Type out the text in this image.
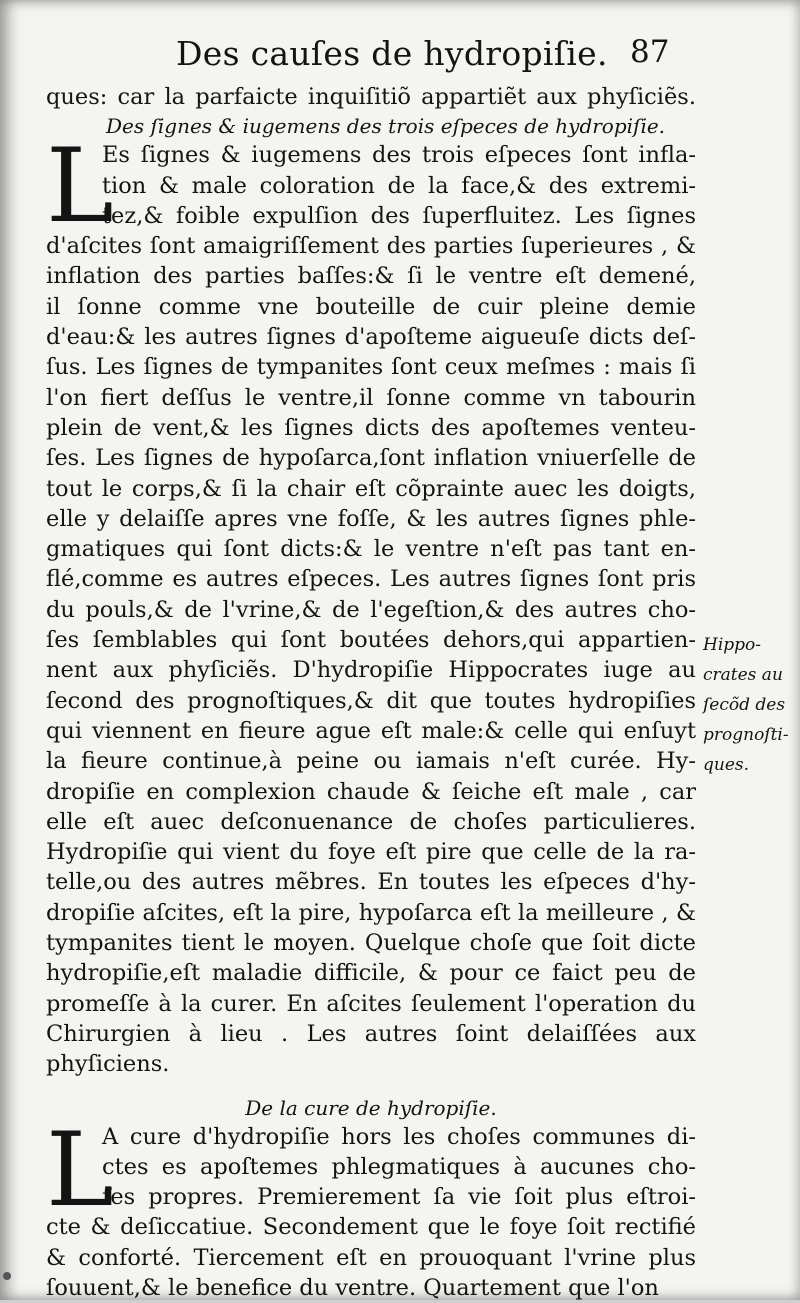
Des cauſes de hydropiſie. 87
ques: car la parfaicte inquiſitiõ appartiẽt aux phyſiciẽs.
Des ſignes & iugemens des trois eſpeces de hydropiſie.
L
Es ſignes & iugemens des trois eſpeces ſont infla-
tion & male coloration de la face,& des extremi-
tez,& foible expulſion des ſuperfluitez. Les ſignes
d'aſcites ſont amaigriſſement des parties ſuperieures , &
inflation des parties baſſes:& ſi le ventre eſt demené,
il ſonne comme vne bouteille de cuir pleine demie
d'eau:& les autres ſignes d'apoſteme aigueuſe dicts deſ-
ſus. Les ſignes de tympanites ſont ceux meſmes : mais ſi
l'on fiert deſſus le ventre,il ſonne comme vn tabourin
plein de vent,& les ſignes dicts des apoſtemes venteu-
ſes. Les ſignes de hypoſarca,ſont inflation vniuerſelle de
tout le corps,& ſi la chair eſt cõprainte auec les doigts,
elle y delaiſſe apres vne foſſe, & les autres ſignes phle-
gmatiques qui ſont dicts:& le ventre n'eſt pas tant en-
flé,comme es autres eſpeces. Les autres ſignes ſont pris
du pouls,& de l'vrine,& de l'egeſtion,& des autres cho-
ſes ſemblables qui ſont boutées dehors,qui appartien-
nent aux phyſiciẽs. D'hydropiſie Hippocrates iuge au
ſecond des prognoſtiques,& dit que toutes hydropiſies
qui viennent en fieure ague eſt male:& celle qui enſuyt
la fieure continue,à peine ou iamais n'eſt curée. Hy-
dropiſie en complexion chaude & ſeiche eſt male , car
elle eſt auec deſconuenance de choſes particulieres.
Hydropiſie qui vient du foye eſt pire que celle de la ra-
telle,ou des autres mẽbres. En toutes les eſpeces d'hy-
dropiſie aſcites, eſt la pire, hypoſarca eſt la meilleure , &
tympanites tient le moyen. Quelque choſe que ſoit dicte
hydropiſie,eſt maladie difficile, & pour ce faict peu de
promeſſe à la curer. En aſcites ſeulement l'operation du
Chirurgien à lieu . Les autres ſoint delaiſſées aux
phyſiciens.
De la cure de hydropiſie.
L
A cure d'hydropiſie hors les choſes communes di-
ctes es apoſtemes phlegmatiques à aucunes cho-
ſes propres. Premierement ſa vie ſoit plus eſtroi-
cte & deſiccatiue. Secondement que le foye ſoit rectifié
& conforté. Tiercement eſt en prouoquant l'vrine plus
ſouuent,& le benefice du ventre. Quartement que l'on
Hippo-
crates au
ſecõd des
prognoſti-
ques.
